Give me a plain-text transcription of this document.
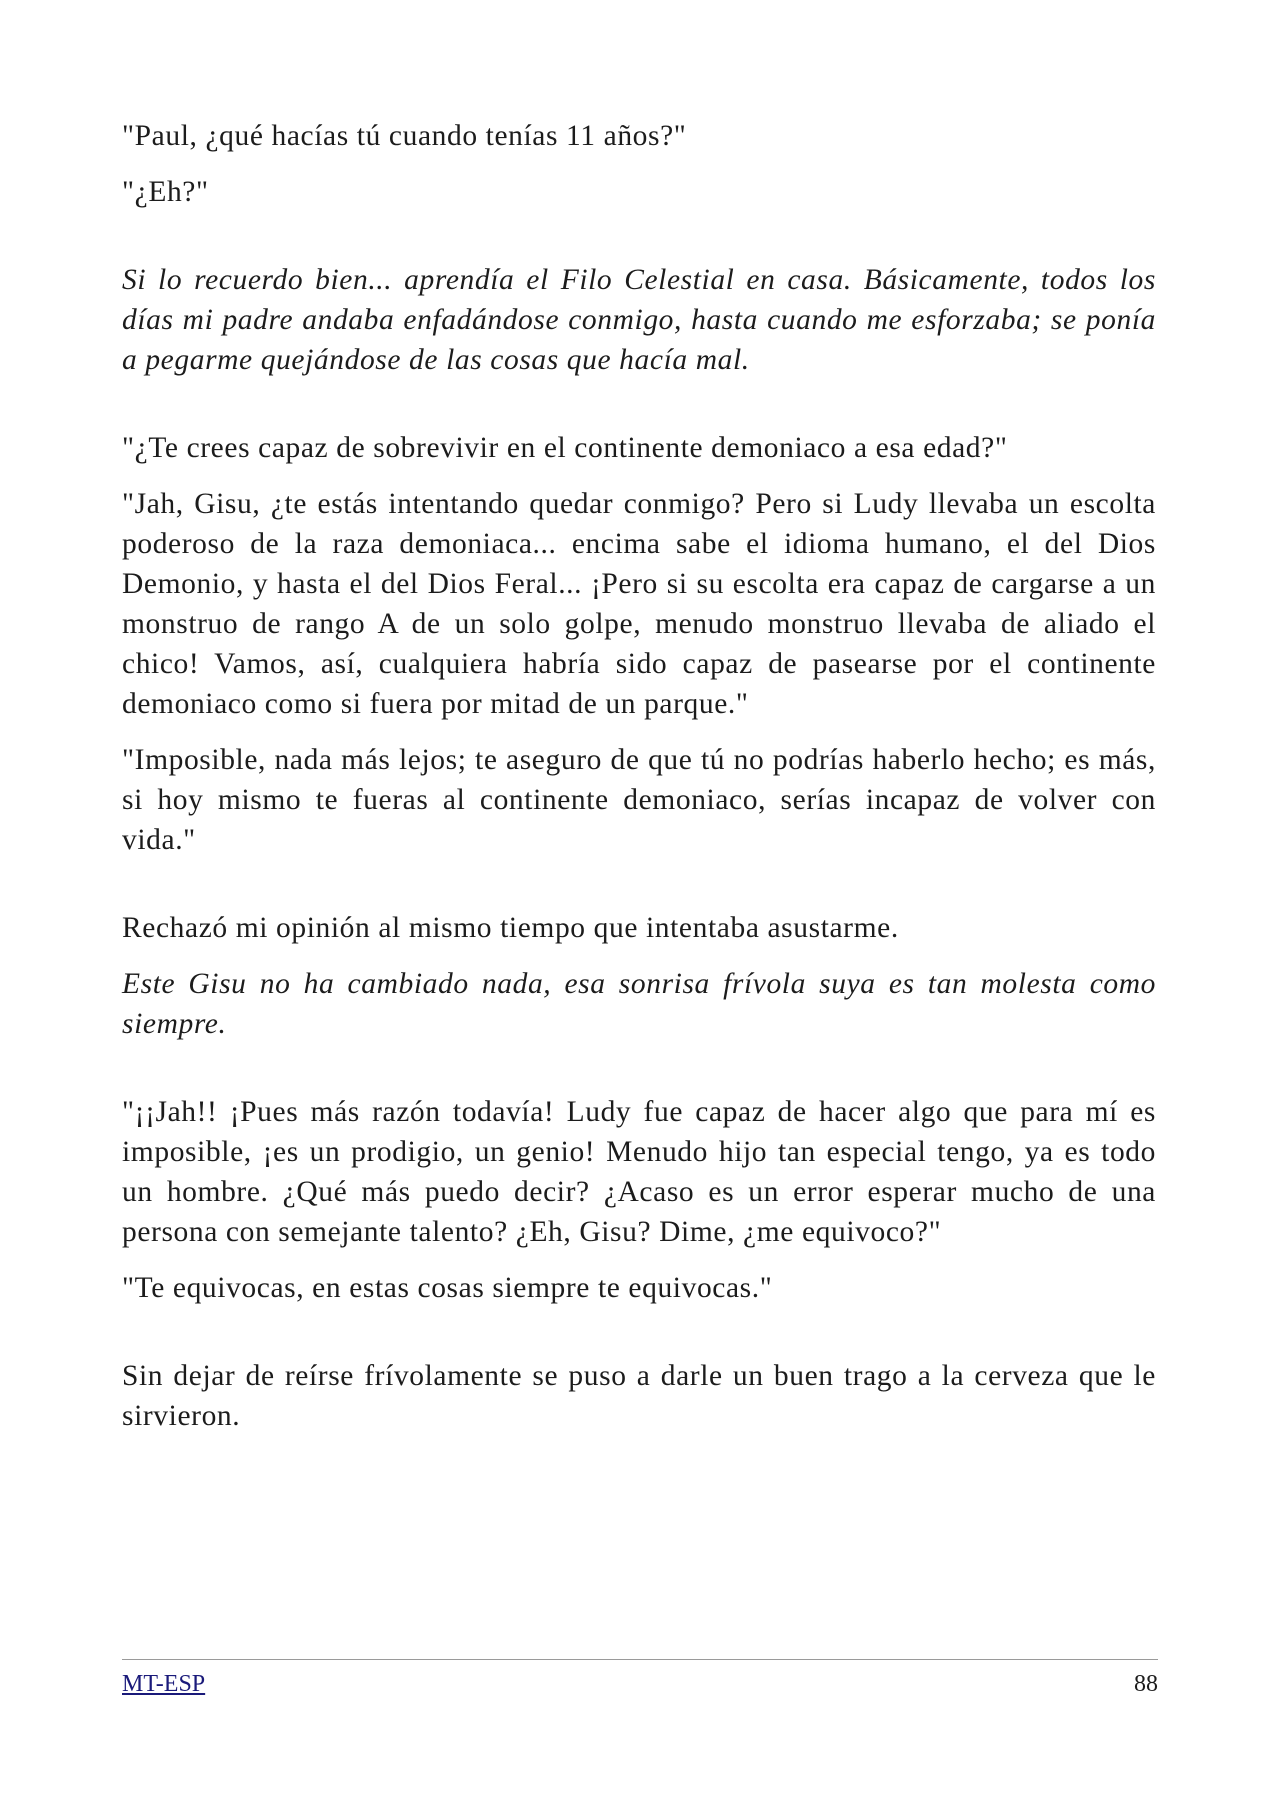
"Paul, ¿qué hacías tú cuando tenías 11 años?"

"¿Eh?"

Si lo recuerdo bien... aprendía el Filo Celestial en casa. Básicamente, todos los días mi padre andaba enfadándose conmigo, hasta cuando me esforzaba; se ponía a pegarme quejándose de las cosas que hacía mal.

"¿Te crees capaz de sobrevivir en el continente demoniaco a esa edad?"

"Jah, Gisu, ¿te estás intentando quedar conmigo? Pero si Ludy llevaba un escolta poderoso de la raza demoniaca... encima sabe el idioma humano, el del Dios Demonio, y hasta el del Dios Feral... ¡Pero si su escolta era capaz de cargarse a un monstruo de rango A de un solo golpe, menudo monstruo llevaba de aliado el chico! Vamos, así, cualquiera habría sido capaz de pasearse por el continente demoniaco como si fuera por mitad de un parque."

"Imposible, nada más lejos; te aseguro de que tú no podrías haberlo hecho; es más, si hoy mismo te fueras al continente demoniaco, serías incapaz de volver con vida."

Rechazó mi opinión al mismo tiempo que intentaba asustarme.

Este Gisu no ha cambiado nada, esa sonrisa frívola suya es tan molesta como siempre.

"¡¡Jah!! ¡Pues más razón todavía! Ludy fue capaz de hacer algo que para mí es imposible, ¡es un prodigio, un genio! Menudo hijo tan especial tengo, ya es todo un hombre. ¿Qué más puedo decir? ¿Acaso es un error esperar mucho de una persona con semejante talento? ¿Eh, Gisu? Dime, ¿me equivoco?"

"Te equivocas, en estas cosas siempre te equivocas."

Sin dejar de reírse frívolamente se puso a darle un buen trago a la cerveza que le sirvieron.

MT-ESP	88
